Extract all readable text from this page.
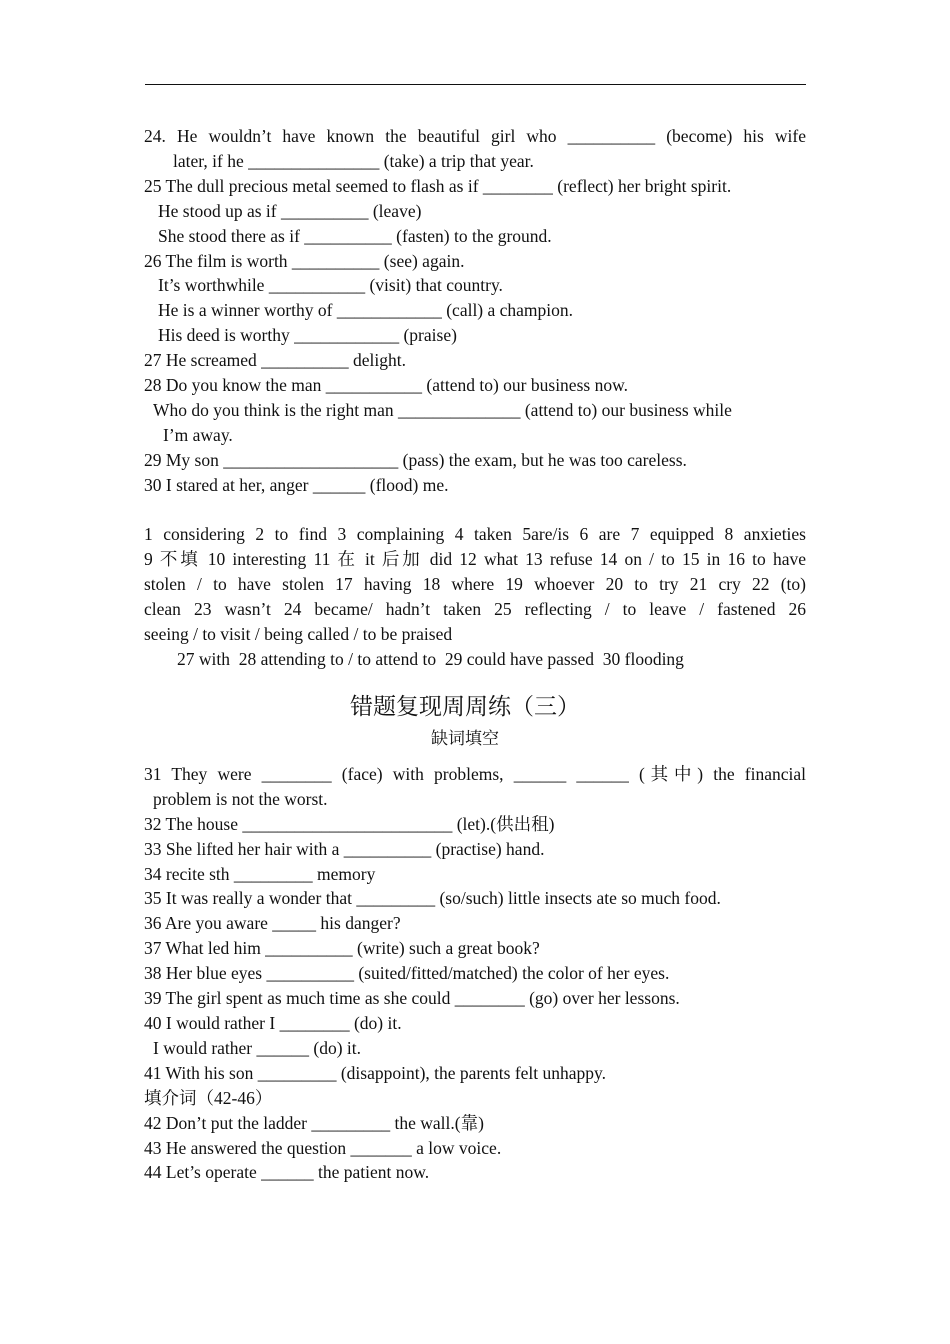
24. He wouldn’t have known the beautiful girl who __________ (become) his wife
later, if he _______________ (take) a trip that year.
25 The dull precious metal seemed to flash as if ________ (reflect) her bright spirit.
He stood up as if __________ (leave)
She stood there as if __________ (fasten) to the ground.
26 The film is worth __________ (see) again.
It’s worthwhile ___________ (visit) that country.
He is a winner worthy of ____________ (call) a champion.
His deed is worthy ____________ (praise)
27 He screamed __________ delight.
28 Do you know the man ___________ (attend to) our business now.
Who do you think is the right man ______________ (attend to) our business while
I’m away.
29 My son ____________________ (pass) the exam, but he was too careless.
30 I stared at her, anger ______ (flood) me.
1 considering 2 to find 3 complaining 4 taken 5are/is 6 are 7 equipped 8 anxieties
9 不填 10 interesting 11 在 it 后加 did 12 what 13 refuse 14 on / to 15 in 16 to have
stolen / to have stolen 17 having 18 where 19 whoever 20 to try 21 cry 22 (to)
clean 23 wasn’t 24 became/ hadn’t taken 25 reflecting / to leave / fastened 26
seeing / to visit / being called / to be praised
27 with  28 attending to / to attend to  29 could have passed  30 flooding
错题复现周周练（三）
缺词填空
31 They were ________ (face) with problems, ______ ______ (其中) the financial
problem is not the worst.
32 The house ________________________ (let).(供出租)
33 She lifted her hair with a __________ (practise) hand.
34 recite sth _________ memory
35 It was really a wonder that _________ (so/such) little insects ate so much food.
36 Are you aware _____ his danger?
37 What led him __________ (write) such a great book?
38 Her blue eyes __________ (suited/fitted/matched) the color of her eyes.
39 The girl spent as much time as she could ________ (go) over her lessons.
40 I would rather I ________ (do) it.
I would rather ______ (do) it.
41 With his son _________ (disappoint), the parents felt unhappy.
填介词（42-46）
42 Don’t put the ladder _________ the wall.(靠)
43 He answered the question _______ a low voice.
44 Let’s operate ______ the patient now.
